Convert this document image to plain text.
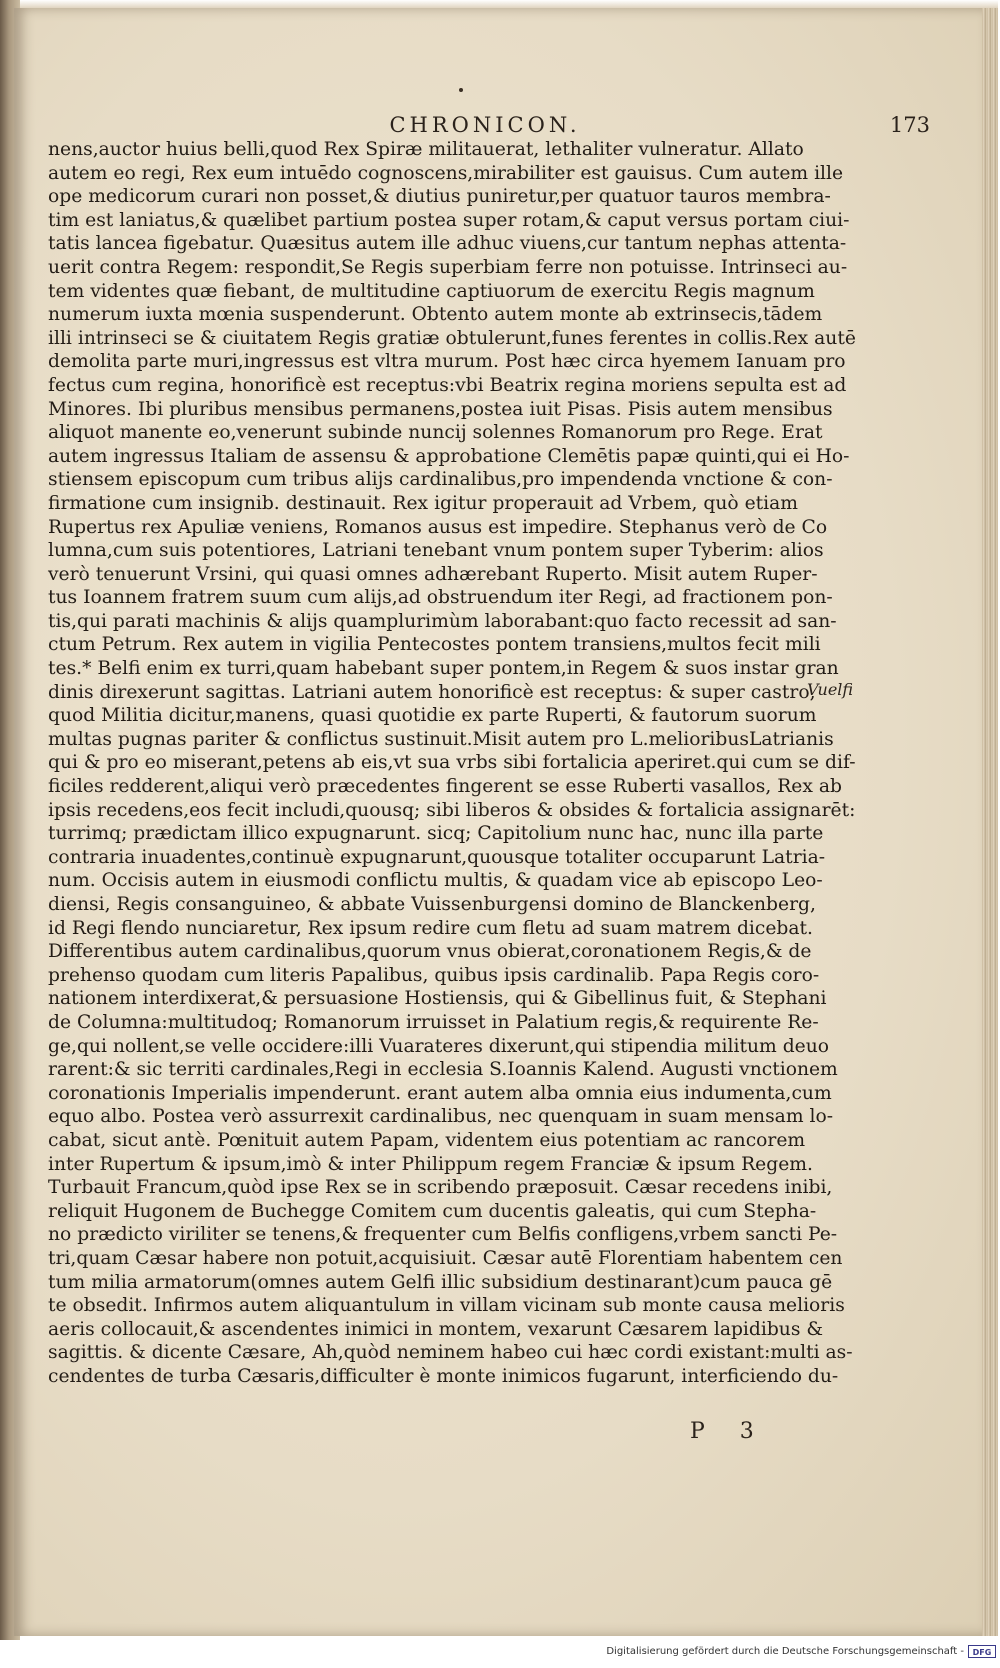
CHRONICON.	173
nens,auctor huius belli,quod Rex Spiræ militauerat, lethaliter vulneratur. Allato
autem eo regi, Rex eum intuēdo cognoscens,mirabiliter est gauisus. Cum autem ille
ope medicorum curari non posset,& diutius puniretur,per quatuor tauros membra-
tim est laniatus,& quælibet partium postea super rotam,& caput versus portam ciui-
tatis lancea figebatur. Quæsitus autem ille adhuc viuens,cur tantum nephas attenta-
uerit contra Regem: respondit,Se Regis superbiam ferre non potuisse. Intrinseci au-
tem videntes quæ fiebant, de multitudine captiuorum de exercitu Regis magnum
numerum iuxta mœnia suspenderunt. Obtento autem monte ab extrinsecis,tādem
illi intrinseci se & ciuitatem Regis gratiæ obtulerunt,funes ferentes in collis.Rex autē
demolita parte muri,ingressus est vltra murum. Post hæc circa hyemem Ianuam pro
fectus cum regina, honorificè est receptus:vbi Beatrix regina moriens sepulta est ad
Minores. Ibi pluribus mensibus permanens,postea iuit Pisas. Pisis autem mensibus
aliquot manente eo,venerunt subinde nuncij solennes Romanorum pro Rege. Erat
autem ingressus Italiam de assensu & approbatione Clemētis papæ quinti,qui ei Ho-
stiensem episcopum cum tribus alijs cardinalibus,pro impendenda vnctione & con-
firmatione cum insignib. destinauit. Rex igitur properauit ad Vrbem, quò etiam
Rupertus rex Apuliæ veniens, Romanos ausus est impedire. Stephanus verò de Co
lumna,cum suis potentiores, Latriani tenebant vnum pontem super Tyberim: alios
verò tenuerunt Vrsini, qui quasi omnes adhærebant Ruperto. Misit autem Ruper-
tus Ioannem fratrem suum cum alijs,ad obstruendum iter Regi, ad fractionem pon-
tis,qui parati machinis & alijs quamplurimùm laborabant:quo facto recessit ad san-
ctum Petrum. Rex autem in vigilia Pentecostes pontem transiens,multos fecit mili
tes.* Belfi enim ex turri,quam habebant super pontem,in Regem & suos instar gran
dinis direxerunt sagittas. Latriani autem honorificè est receptus: & super castro,
quod Militia dicitur,manens, quasi quotidie ex parte Ruperti, & fautorum suorum
multas pugnas pariter & conflictus sustinuit.Misit autem pro L.melioribusLatrianis
qui & pro eo miserant,petens ab eis,vt sua vrbs sibi fortalicia aperiret.qui cum se dif-
ficiles redderent,aliqui verò præcedentes fingerent se esse Ruberti vasallos, Rex ab
ipsis recedens,eos fecit includi,quousq; sibi liberos & obsides & fortalicia assignarēt:
turrimq; prædictam illico expugnarunt. sicq; Capitolium nunc hac, nunc illa parte
contraria inuadentes,continuè expugnarunt,quousque totaliter occuparunt Latria-
num. Occisis autem in eiusmodi conflictu multis, & quadam vice ab episcopo Leo-
diensi, Regis consanguineo, & abbate Vuissenburgensi domino de Blanckenberg,
id Regi flendo nunciaretur, Rex ipsum redire cum fletu ad suam matrem dicebat.
Differentibus autem cardinalibus,quorum vnus obierat,coronationem Regis,& de
prehenso quodam cum literis Papalibus, quibus ipsis cardinalib. Papa Regis coro-
nationem interdixerat,& persuasione Hostiensis, qui & Gibellinus fuit, & Stephani
de Columna:multitudoq; Romanorum irruisset in Palatium regis,& requirente Re-
ge,qui nollent,se velle occidere:illi Vuarateres dixerunt,qui stipendia militum deuo
rarent:& sic territi cardinales,Regi in ecclesia S.Ioannis Kalend. Augusti vnctionem
coronationis Imperialis impenderunt. erant autem alba omnia eius indumenta,cum
equo albo. Postea verò assurrexit cardinalibus, nec quenquam in suam mensam lo-
cabat, sicut antè. Pœnituit autem Papam, videntem eius potentiam ac rancorem
inter Rupertum & ipsum,imò & inter Philippum regem Franciæ & ipsum Regem.
Turbauit Francum,quòd ipse Rex se in scribendo præposuit. Cæsar recedens inibi,
reliquit Hugonem de Buchegge Comitem cum ducentis galeatis, qui cum Stepha-
no prædicto viriliter se tenens,& frequenter cum Belfis confligens,vrbem sancti Pe-
tri,quam Cæsar habere non potuit,acquisiuit. Cæsar autē Florentiam habentem cen
tum milia armatorum(omnes autem Gelfi illic subsidium destinarant)cum pauca gē
te obsedit. Infirmos autem aliquantulum in villam vicinam sub monte causa melioris
aeris collocauit,& ascendentes inimici in montem, vexarunt Cæsarem lapidibus &
sagittis. & dicente Cæsare, Ah,quòd neminem habeo cui hæc cordi existant:multi as-
cendentes de turba Cæsaris,difficulter è monte inimicos fugarunt, interficiendo du-
Vuelfi
P 3
Digitalisierung gefördert durch die Deutsche Forschungsgemeinschaft -	DFG
